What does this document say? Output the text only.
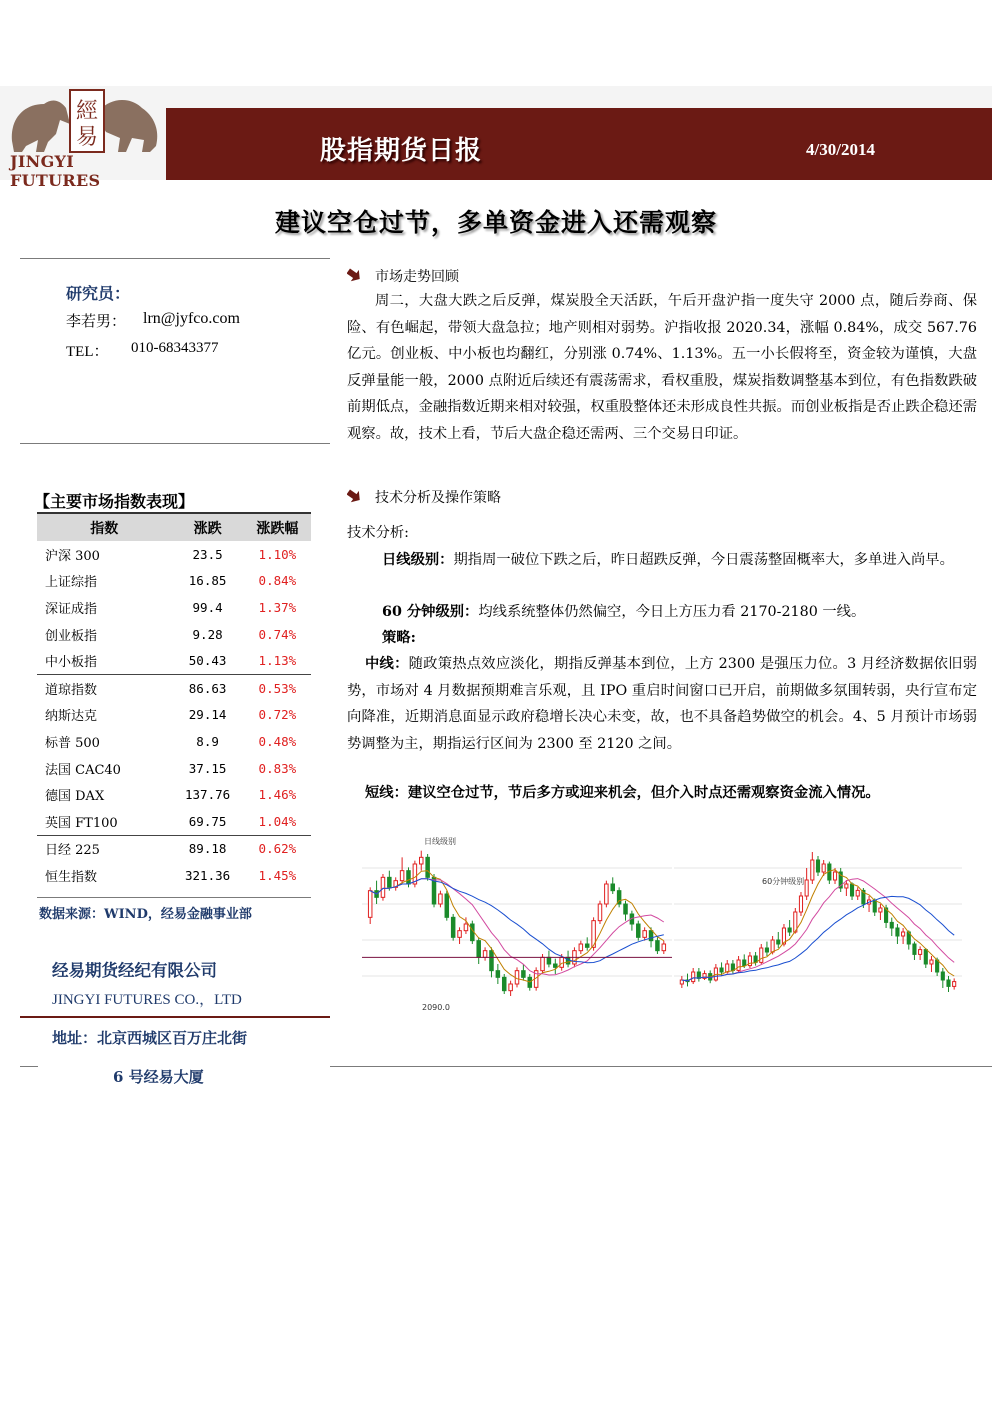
經
易
JINGYI FUTURES
股指期货日报	4/30/2014
建议空仓过节，多单资金进入还需观察
研究员：
李若男： lrn@jyfco.com
TEL： 010-68343377
【主要市场指数表现】
指数	涨跌	涨跌幅
沪深 300	23.5	1.10%
上证综指	16.85	0.84%
深证成指	99.4	1.37%
创业板指	9.28	0.74%
中小板指	50.43	1.13%
道琼指数	86.63	0.53%
纳斯达克	29.14	0.72%
标普 500	8.9	0.48%
法国 CAC40	37.15	0.83%
德国 DAX	137.76	1.46%
英国 FT100	69.75	1.04%
日经 225	89.18	0.62%
恒生指数	321.36	1.45%
数据来源：WIND，经易金融事业部
经易期货经纪有限公司
JINGYI FUTURES CO.，LTD
地址：北京西城区百万庄北街
6 号经易大厦
市场走势回顾
周二，大盘大跌之后反弹，煤炭股全天活跃，午后开盘沪指一度失守 2000 点，随后券商、保险、有色崛起，带领大盘急拉；地产则相对弱势。沪指收报 2020.34，涨幅 0.84%，成交 567.76 亿元。创业板、中小板也均翻红，分别涨 0.74%、1.13%。五一小长假将至，资金较为谨慎，大盘反弹量能一般，2000 点附近后续还有震荡需求，看权重股，煤炭指数调整基本到位，有色指数跌破前期低点，金融指数近期来相对较强，权重股整体还未形成良性共振。而创业板指是否止跌企稳还需观察。故，技术上看，节后大盘企稳还需两、三个交易日印证。
技术分析及操作策略
技术分析:
日线级别：期指周一破位下跌之后，昨日超跌反弹，今日震荡整固概率大，多单进入尚早。
60 分钟级别：均线系统整体仍然偏空，今日上方压力看 2170-2180 一线。
策略:
中线：随政策热点效应淡化，期指反弹基本到位，上方 2300 是强压力位。3 月经济数据依旧弱势，市场对 4 月数据预期难言乐观，且 IPO 重启时间窗口已开启，前期做多氛围转弱，央行宣布定向降准，近期消息面显示政府稳增长决心未变，故，也不具备趋势做空的机会。4、5 月预计市场弱势调整为主，期指运行区间为 2300 至 2120 之间。
短线：建议空仓过节，节后多方或迎来机会，但介入时点还需观察资金流入情况。
日线级别
2090.0
60分钟级别
